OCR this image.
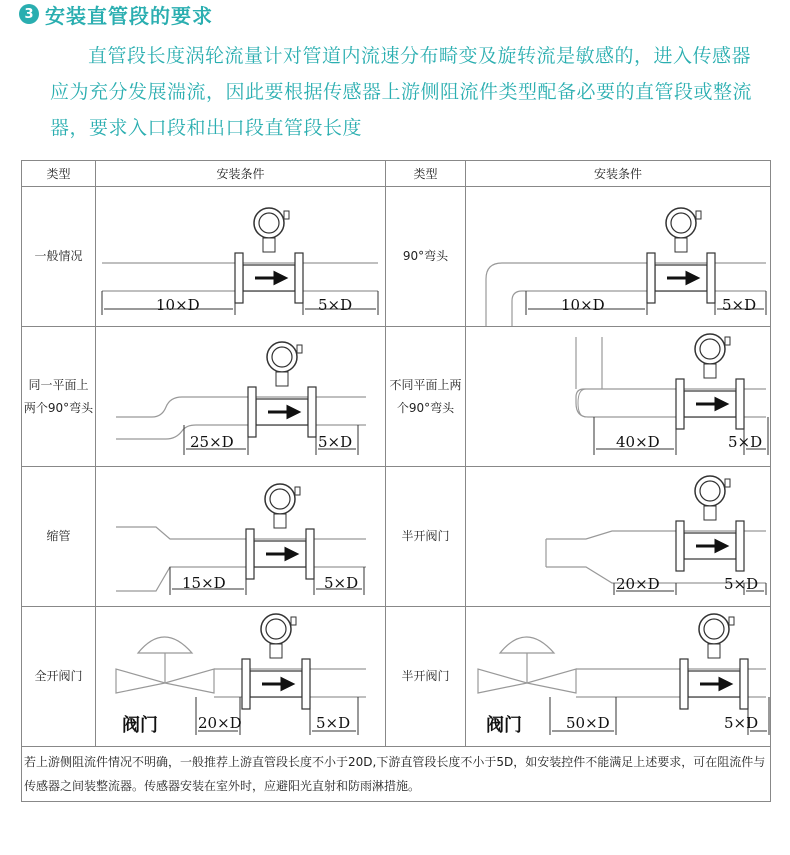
3 安装直管段的要求
直管段长度涡轮流量计对管道内流速分布畸变及旋转流是敏感的，进入传感器应为充分发展湍流，因此要根据传感器上游侧阻流件类型配备必要的直管段或整流器，要求入口段和出口段直管段长度
类型	安装条件	类型	安装条件
一般情况	10×D 5×D	90°弯头	10×D 5×D

同一平面上两个90°弯头	25×D 5×D	不同平面上两个90°弯头	40×D 5×D

缩管	15×D 5×D	半开阀门	20×D 5×D

全开阀门	阀门 20×D 5×D	半开阀门	阀门 50×D 5×D

若上游侧阻流件情况不明确，一般推荐上游直管段长度不小于20D,下游直管段长度不小于5D，如安装控件不能满足上述要求，可在阻流件与传感器之间装整流器。传感器安装在室外时，应避阳光直射和防雨淋措施。			
